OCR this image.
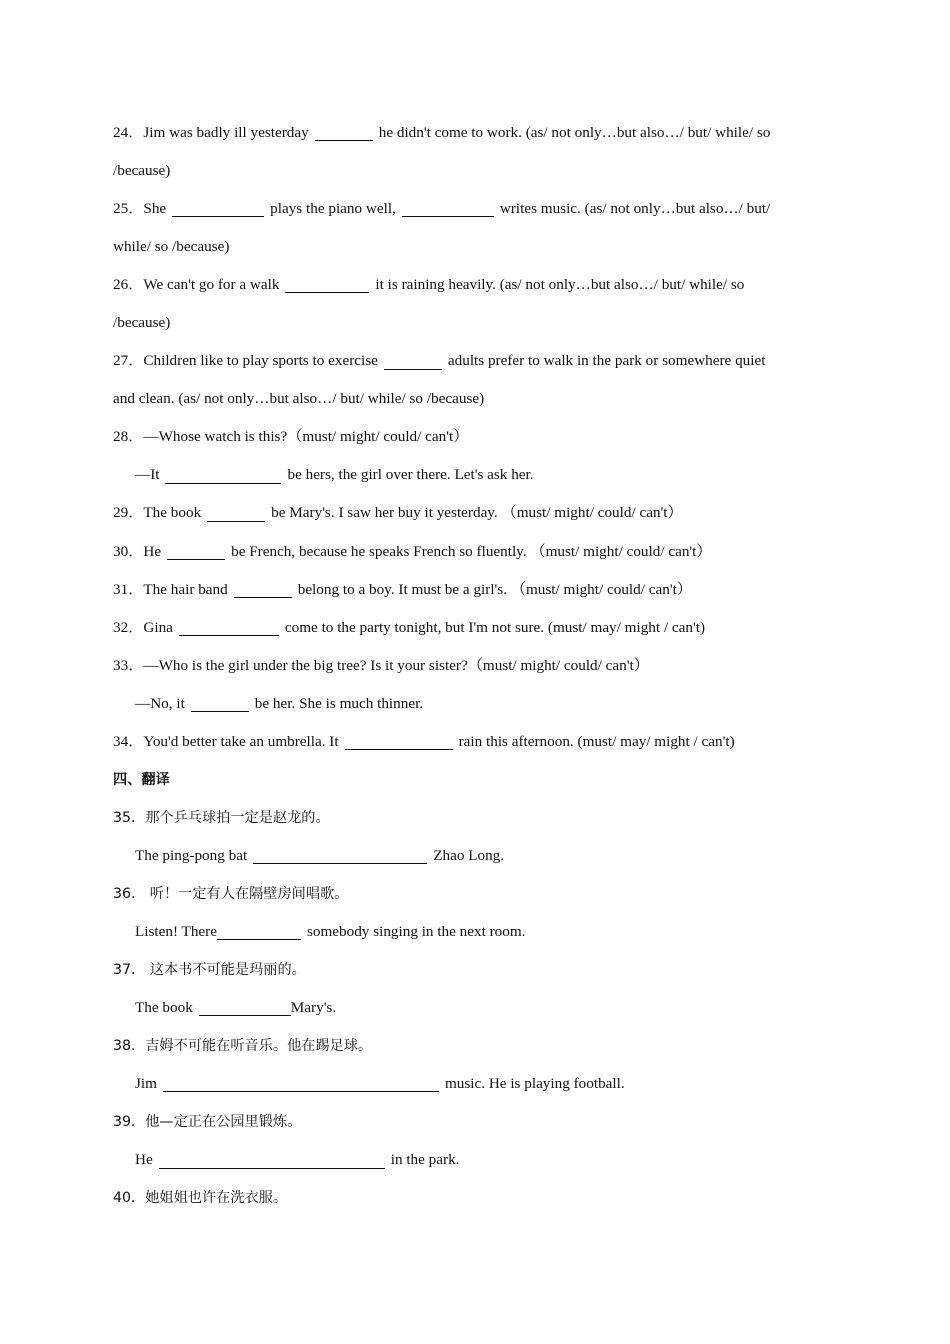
24．Jim was badly ill yesterday	he didn't come to work. (as/ not only…but also…/ but/ while/ so
/because)
25．She	plays the piano well,	writes music. (as/ not only…but also…/ but/
while/ so /because)
26．We can't go for a walk	it is raining heavily. (as/ not only…but also…/ but/ while/ so
/because)
27．Children like to play sports to exercise	adults prefer to walk in the park or somewhere quiet
and clean. (as/ not only…but also…/ but/ while/ so /because)
28．—Whose watch is this?（must/ might/ could/ can't）
—It	be hers, the girl over there. Let's ask her.
29．The book	be Mary's. I saw her buy it yesterday. （must/ might/ could/ can't）
30．He	be French, because he speaks French so fluently. （must/ might/ could/ can't）
31．The hair band	belong to a boy. It must be a girl's. （must/ might/ could/ can't）
32．Gina	come to the party tonight, but I'm not sure. (must/ may/ might / can't)
33．—Who is the girl under the big tree? Is it your sister?（must/ might/ could/ can't）
—No, it	be her. She is much thinner.
34．You'd better take an umbrella. It	rain this afternoon. (must/ may/ might / can't)
四、翻译
35．那个乒乓球拍一定是赵龙的。
The ping-pong bat	Zhao Long.
36． 听！一定有人在隔壁房间唱歌。
Listen! There	somebody singing in the next room.
37． 这本书不可能是玛丽的。
The book	Mary's.
38．吉姆不可能在听音乐。他在踢足球。
Jim	music. He is playing football.
39．他—定正在公园里锻炼。
He	in the park.
40．她姐姐也许在洗衣服。
